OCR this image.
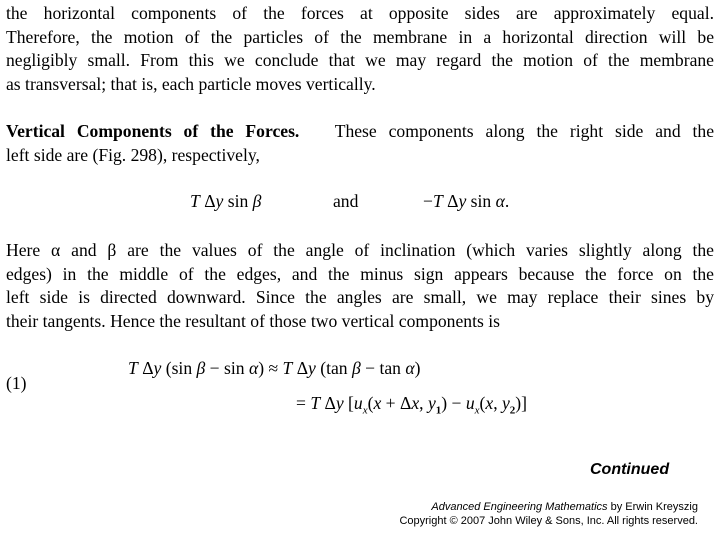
the horizontal components of the forces at opposite sides are approximately equal.
Therefore, the motion of the particles of the membrane in a horizontal direction will be
negligibly small. From this we conclude that we may regard the motion of the membrane
as transversal; that is, each particle moves vertically.
Vertical Components of the Forces. These components along the right side and the
left side are (Fig. 298), respectively,
T Δy sin β	and	−T Δy sin α.
Here α and β are the values of the angle of inclination (which varies slightly along the
edges) in the middle of the edges, and the minus sign appears because the force on the
left side is directed downward. Since the angles are small, we may replace their sines by
their tangents. Hence the resultant of those two vertical components is
(1)
T Δy (sin β − sin α) ≈ T Δy (tan β − tan α)
= T Δy [$u_x(x + \Delta x$, $y_1) - u_x(x$, $y_2$)]
Continued
Advanced Engineering Mathematics by Erwin Kreyszig
Copyright © 2007 John Wiley & Sons, Inc. All rights reserved.
